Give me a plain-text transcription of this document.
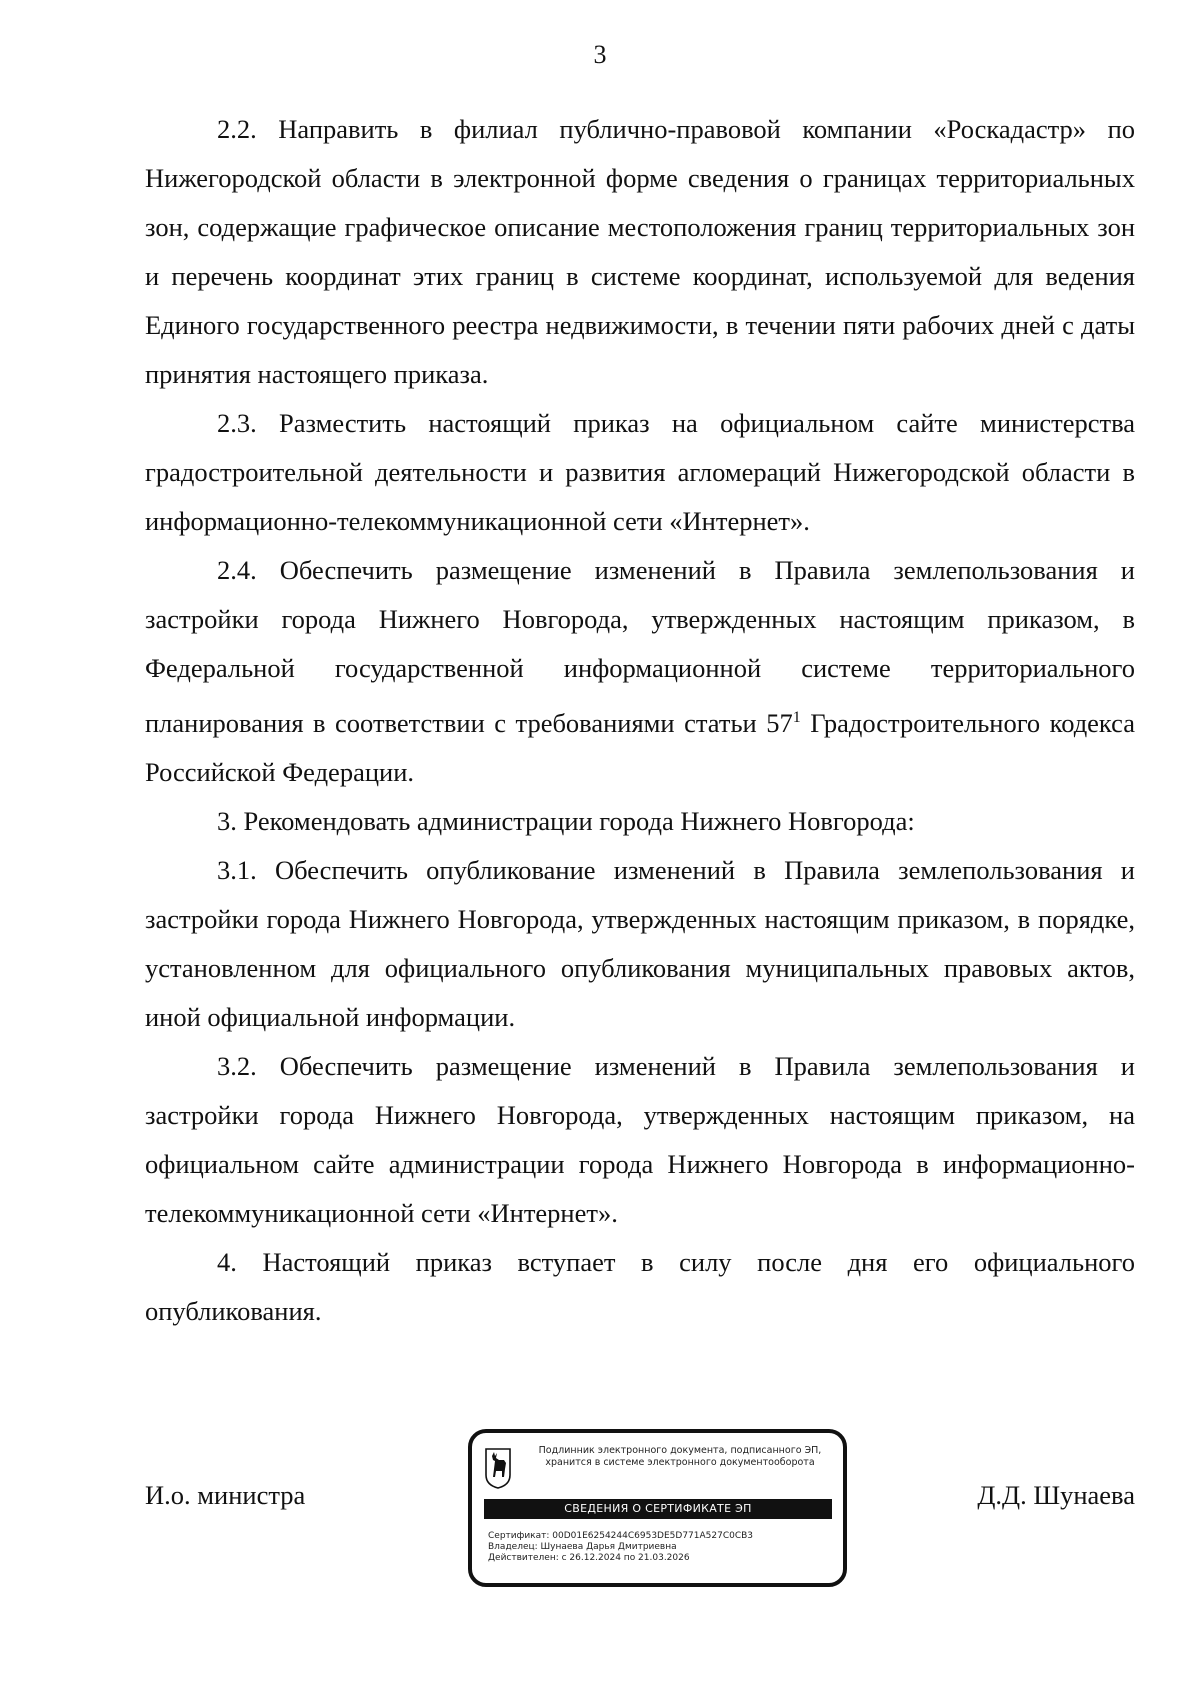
3

2.2. Направить в филиал публично-правовой компании «Роскадастр» по Нижегородской области в электронной форме сведения о границах территориальных зон, содержащие графическое описание местоположения границ территориальных зон и перечень координат этих границ в системе координат, используемой для ведения Единого государственного реестра недвижимости, в течении пяти рабочих дней с даты принятия настоящего приказа.

2.3. Разместить настоящий приказ на официальном сайте министерства градостроительной деятельности и развития агломераций Нижегородской области в информационно-телекоммуникационной сети «Интернет».

2.4. Обеспечить размещение изменений в Правила землепользования и застройки города Нижнего Новгорода, утвержденных настоящим приказом, в Федеральной государственной информационной системе территориального планирования в соответствии с требованиями статьи $57^1$ Градостроительного кодекса Российской Федерации.

3. Рекомендовать администрации города Нижнего Новгорода:

3.1. Обеспечить опубликование изменений в Правила землепользования и застройки города Нижнего Новгорода, утвержденных настоящим приказом, в порядке, установленном для официального опубликования муниципальных правовых актов, иной официальной информации.

3.2. Обеспечить размещение изменений в Правила землепользования и застройки города Нижнего Новгорода, утвержденных настоящим приказом, на официальном сайте администрации города Нижнего Новгорода в информационно-телекоммуникационной сети «Интернет».

4. Настоящий приказ вступает в силу после дня его официального опубликования.

И.о. министра	Д.Д. Шунаева
Подлинник электронного документа, подписанного ЭП,
хранится в системе электронного документооборота
СВЕДЕНИЯ О СЕРТИФИКАТЕ ЭП
Сертификат: 00D01E6254244C6953DE5D771A527C0CB3
Владелец: Шунаева Дарья Дмитриевна
Действителен: с 26.12.2024 по 21.03.2026
